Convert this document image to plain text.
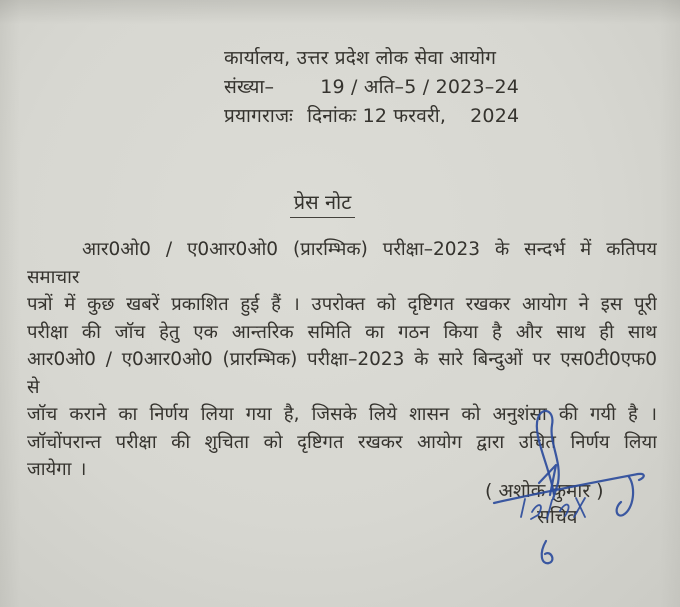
कार्यालय, उत्तर प्रदेश लोक सेवा आयोग
संख्या– 19 / अति–5 / 2023–24
प्रयागराजः दिनांकः 12 फरवरी, 2024
प्रेस नोट
आर0ओ0 / ए0आर0ओ0 (प्रारम्भिक) परीक्षा–2023 के सन्दर्भ में कतिपय समाचार
पत्रों में कुछ खबरें प्रकाशित हुई हैं । उपरोक्त को दृष्टिगत रखकर आयोग ने इस पूरी
परीक्षा की जॉच हेतु एक आन्तरिक समिति का गठन किया है और साथ ही साथ
आर0ओ0 / ए0आर0ओ0 (प्रारम्भिक) परीक्षा–2023 के सारे बिन्दुओं पर एस0टी0एफ0 से
जॉच कराने का निर्णय लिया गया है, जिसके लिये शासन को अनुशंसा की गयी है ।
जॉचोंपरान्त परीक्षा की शुचिता को दृष्टिगत रखकर आयोग द्वारा उचित निर्णय लिया
जायेगा ।
( अशोक कुमार )
सचिव
